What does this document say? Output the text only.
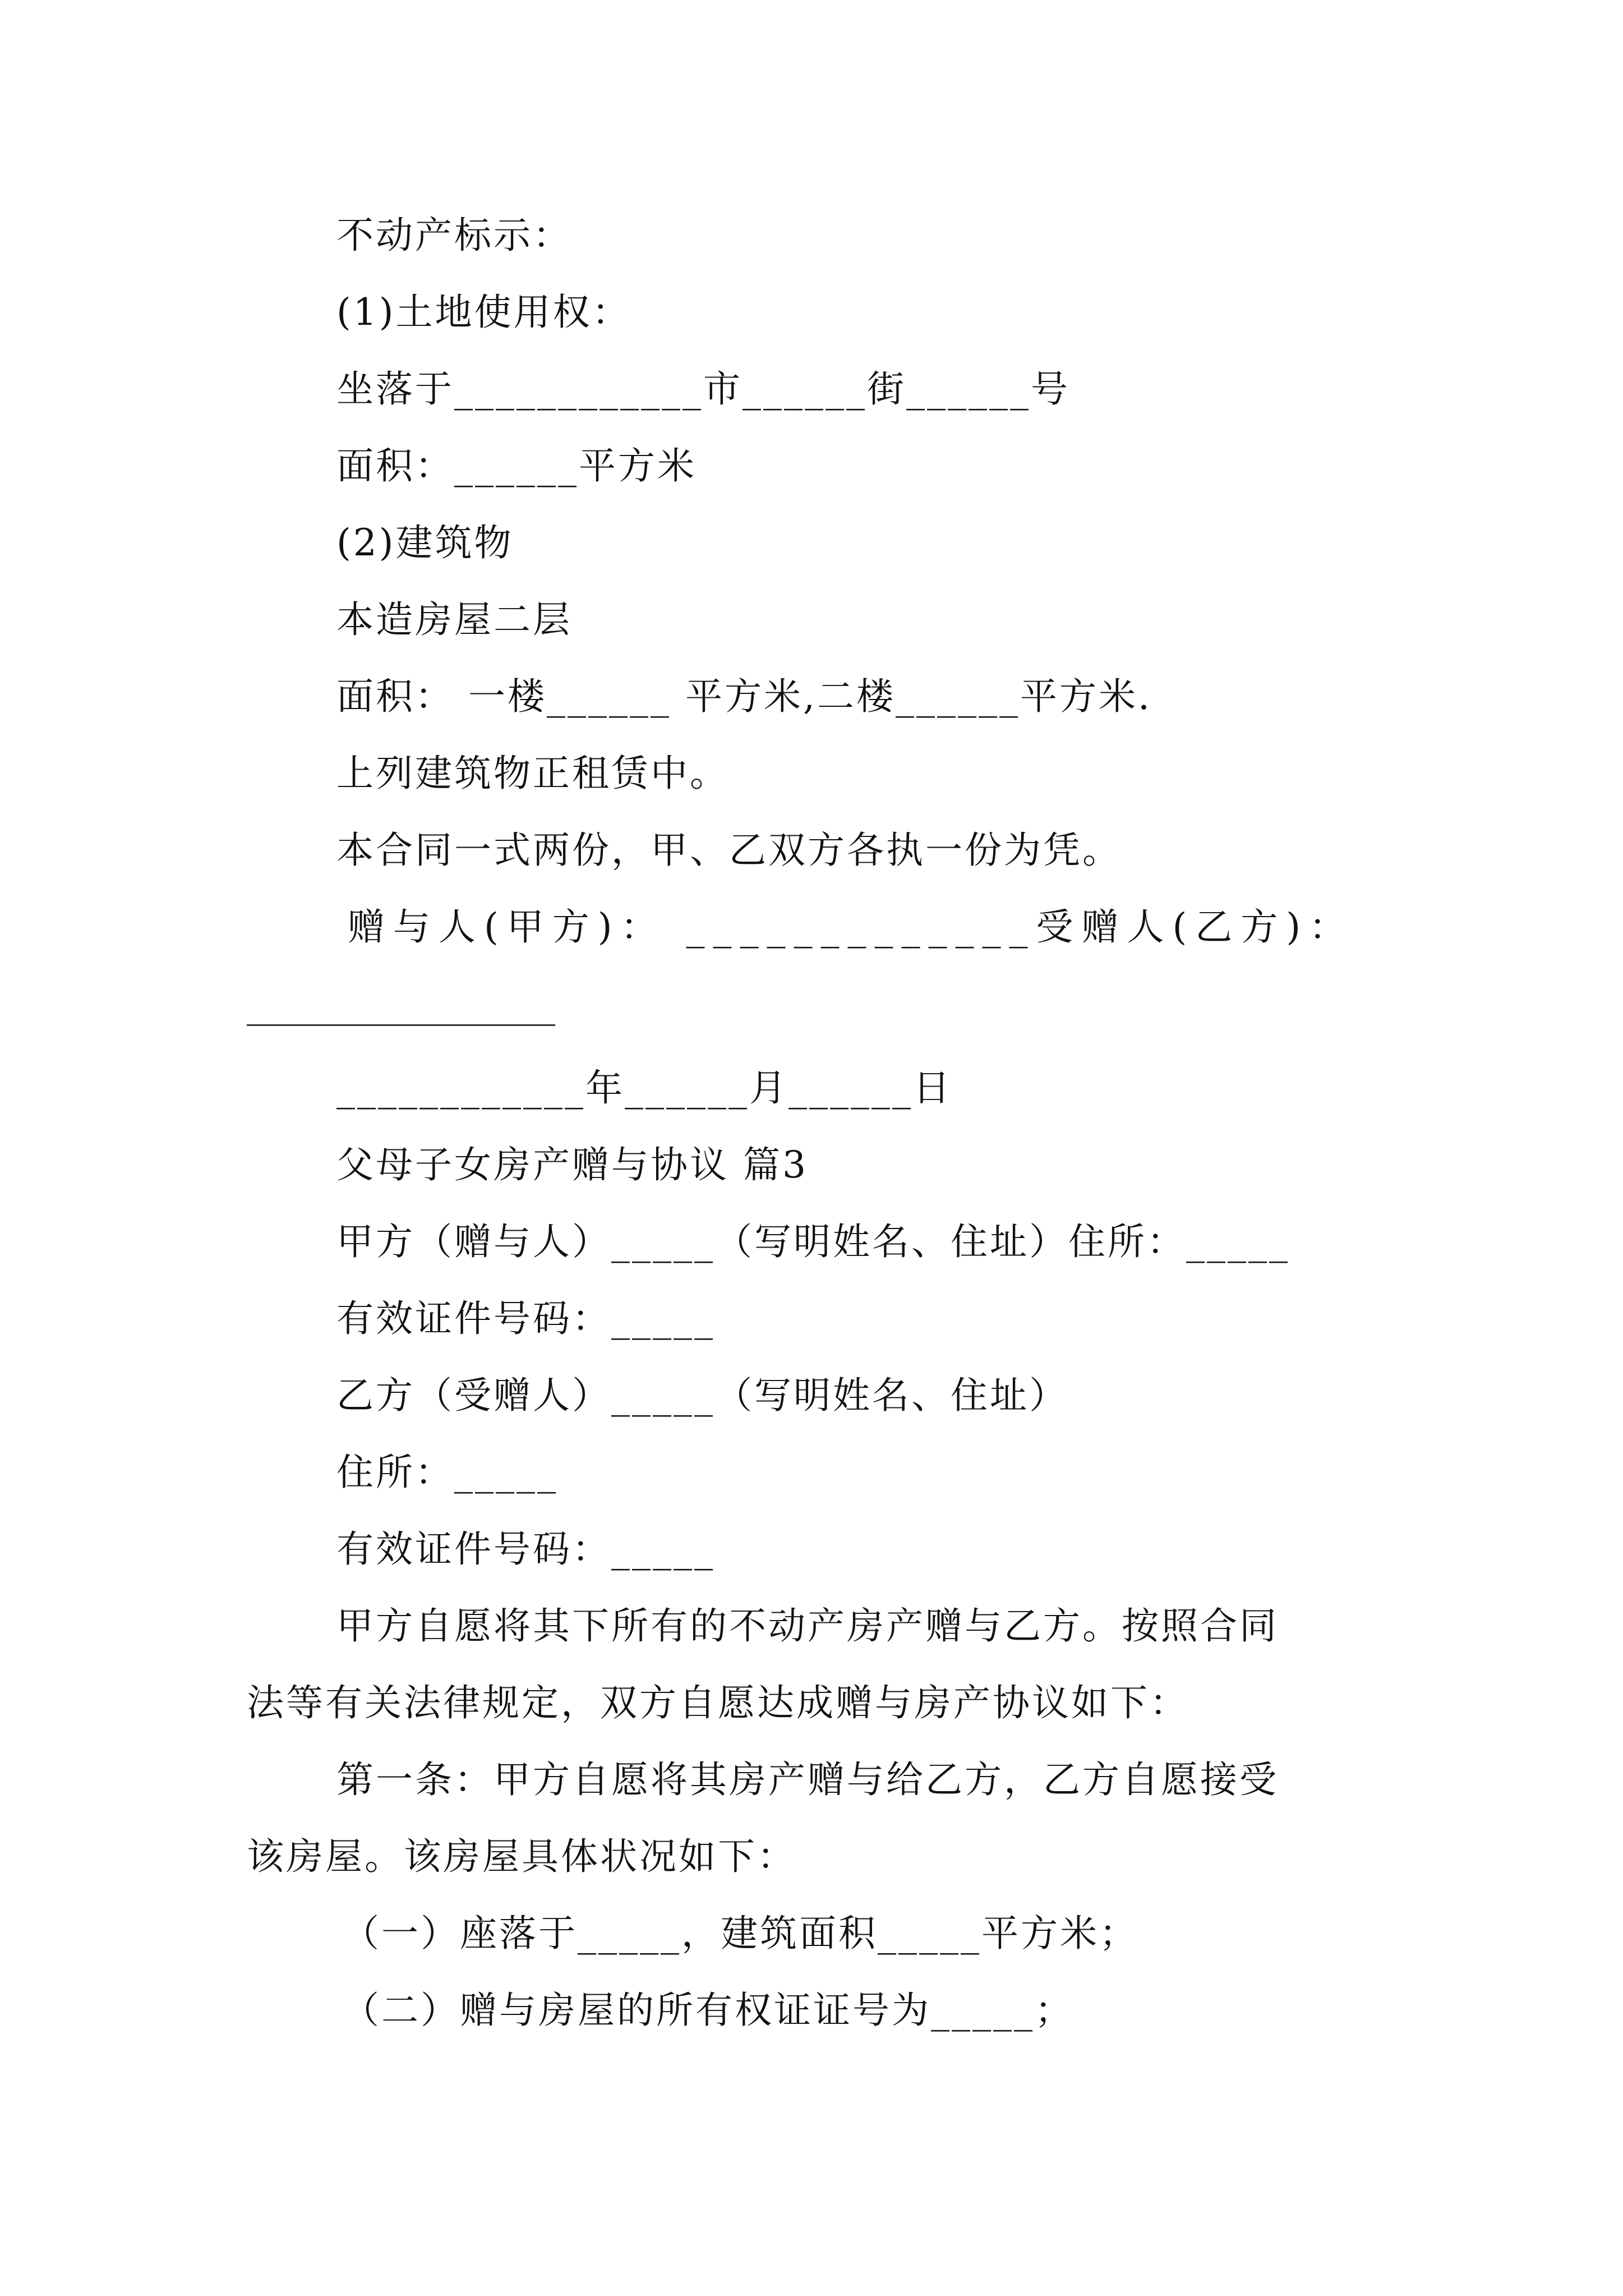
不动产标示：
(1)土地使用权：
坐落于____________市______街______号
面积：______平方米
(2)建筑物
本造房屋二层
面积： 一楼______ 平方米,二楼______平方米.
上列建筑物正租赁中。
本合同一式两份，甲、乙双方各执一份为凭。
赠与人(甲方)： _____________受赠人(乙方)：
____________年______月______日
父母子女房产赠与协议 篇3
甲方（赠与人）_____（写明姓名、住址）住所：_____
有效证件号码：_____
乙方（受赠人）_____（写明姓名、住址）
住所：_____
有效证件号码：_____
甲方自愿将其下所有的不动产房产赠与乙方。按照合同
法等有关法律规定，双方自愿达成赠与房产协议如下：
第一条：甲方自愿将其房产赠与给乙方，乙方自愿接受
该房屋。该房屋具体状况如下：
（一）座落于_____，建筑面积_____平方米；
（二）赠与房屋的所有权证证号为_____；
